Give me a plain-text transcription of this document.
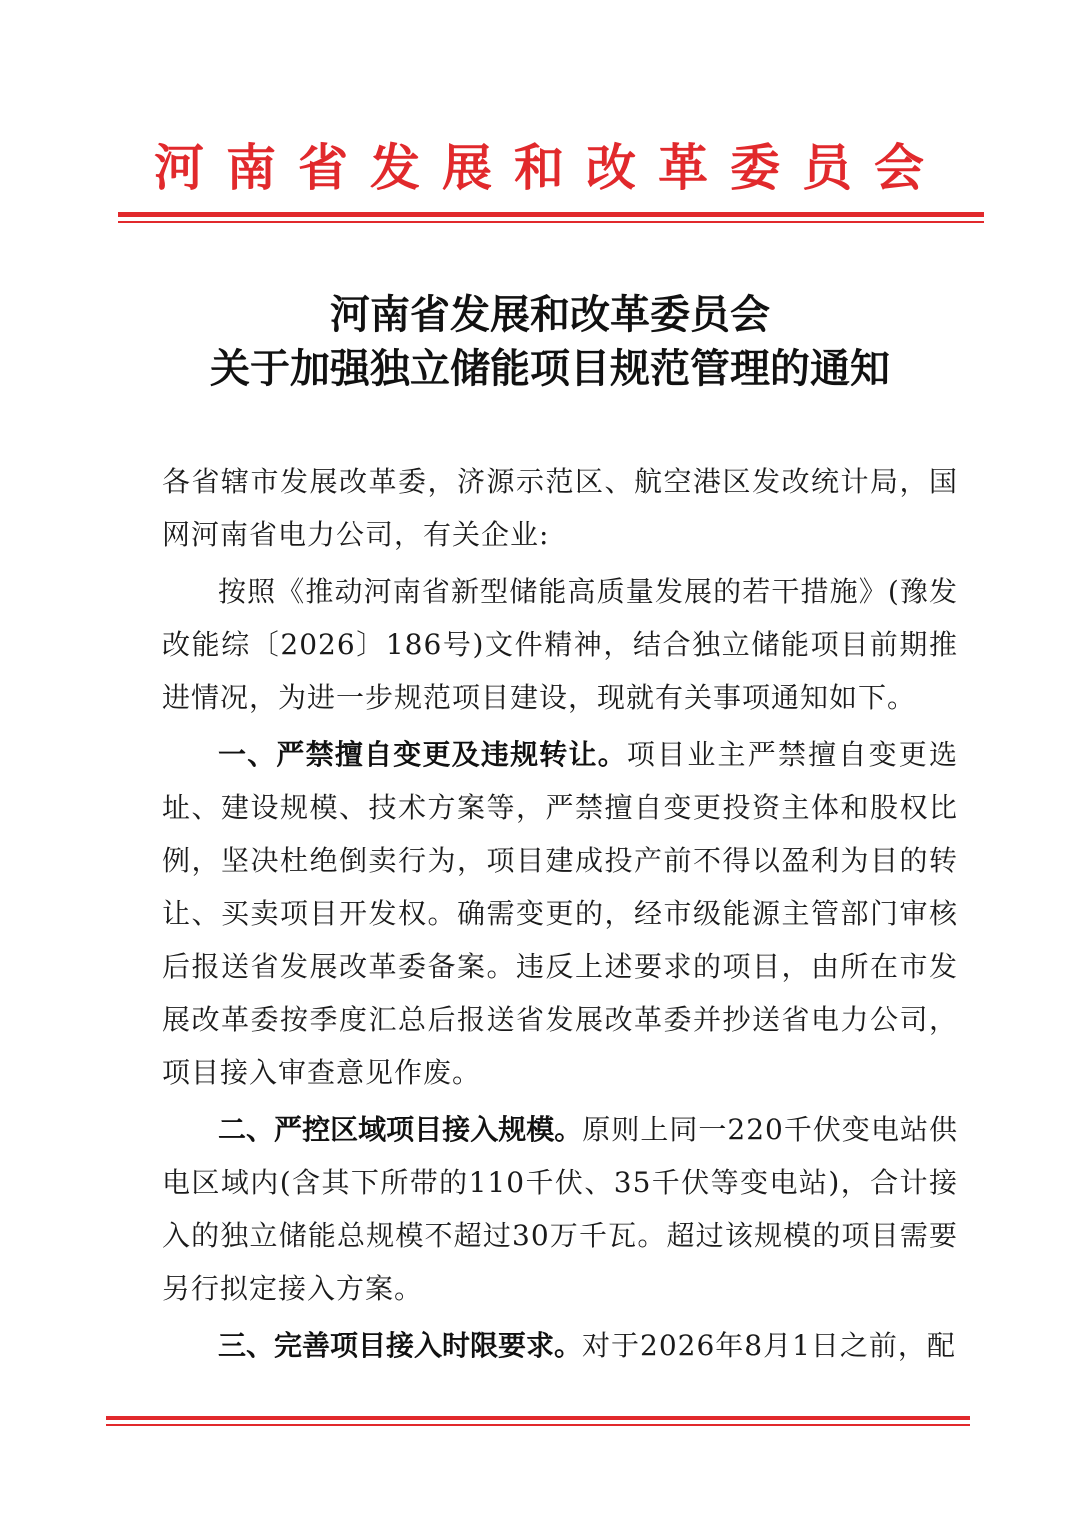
河南省发展和改革委员会
河南省发展和改革委员会
关于加强独立储能项目规范管理的通知

各省辖市发展改革委，济源示范区、航空港区发改统计局，国网河南省电力公司，有关企业:

按照《推动河南省新型储能高质量发展的若干措施》(豫发改能综〔2026〕186号)文件精神，结合独立储能项目前期推进情况，为进一步规范项目建设，现就有关事项通知如下。

一、严禁擅自变更及违规转让。项目业主严禁擅自变更选址、建设规模、技术方案等，严禁擅自变更投资主体和股权比例，坚决杜绝倒卖行为，项目建成投产前不得以盈利为目的转让、买卖项目开发权。确需变更的，经市级能源主管部门审核后报送省发展改革委备案。违反上述要求的项目，由所在市发展改革委按季度汇总后报送省发展改革委并抄送省电力公司，项目接入审查意见作废。

二、严控区域项目接入规模。原则上同一220千伏变电站供电区域内(含其下所带的110千伏、35千伏等变电站)，合计接入的独立储能总规模不超过30万千瓦。超过该规模的项目需要另行拟定接入方案。

三、完善项目接入时限要求。对于2026年8月1日之前，配
